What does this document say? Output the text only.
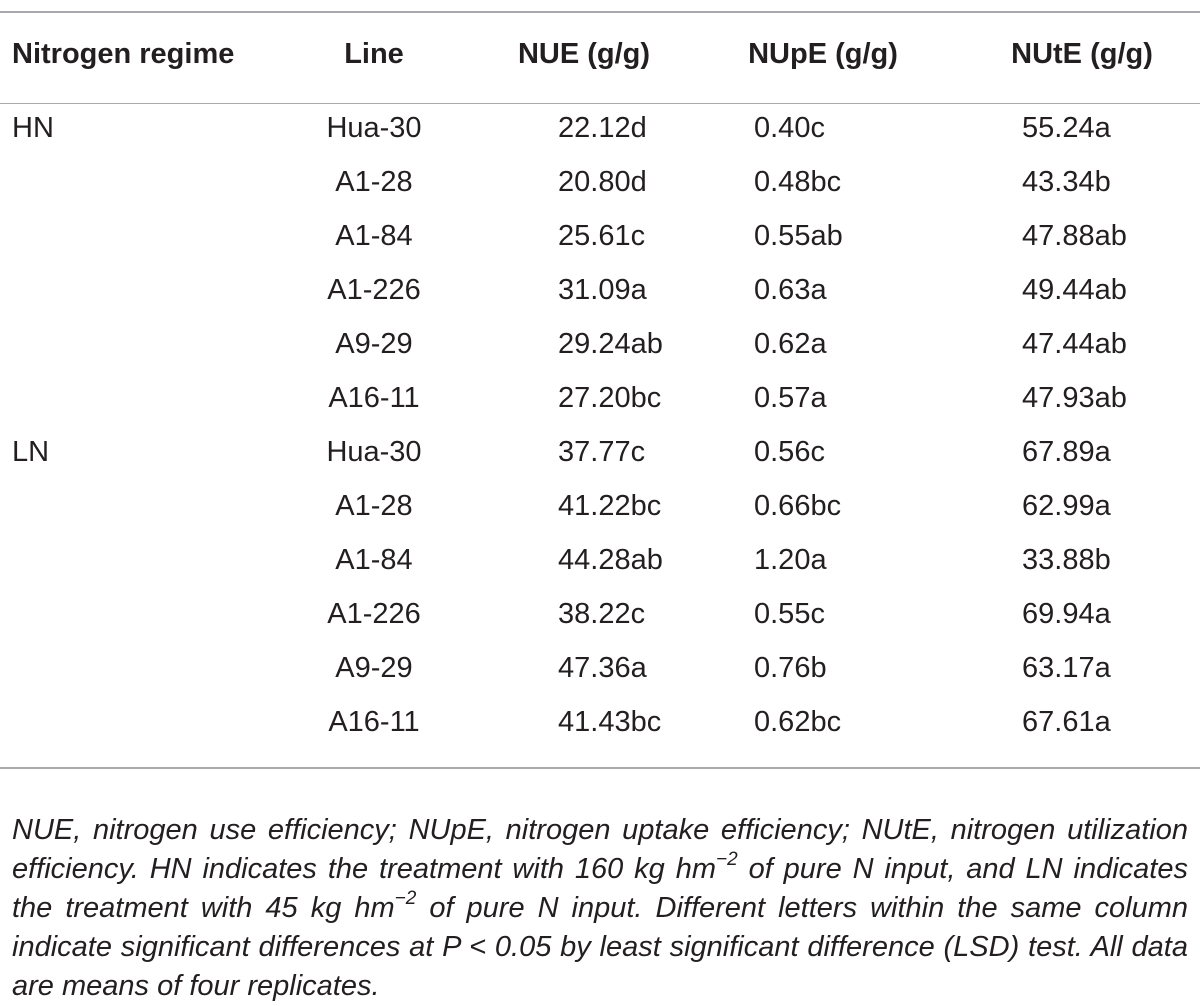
Nitrogen regime	Line	NUE (g/g)	NUpE (g/g)	NUtE (g/g)

HN	Hua-30	22.12d	0.40c	55.24a
	A1-28	20.80d	0.48bc	43.34b
	A1-84	25.61c	0.55ab	47.88ab
	A1-226	31.09a	0.63a	49.44ab
	A9-29	29.24ab	0.62a	47.44ab
	A16-11	27.20bc	0.57a	47.93ab
LN	Hua-30	37.77c	0.56c	67.89a
	A1-28	41.22bc	0.66bc	62.99a
	A1-84	44.28ab	1.20a	33.88b
	A1-226	38.22c	0.55c	69.94a
	A9-29	47.36a	0.76b	63.17a
	A16-11	41.43bc	0.62bc	67.61a

NUE, nitrogen use efficiency; NUpE, nitrogen uptake efficiency; NUtE, nitrogen utilization efficiency. HN indicates the treatment with 160 kg $hm^{-2}$ of pure N input, and LN indicates the treatment with 45 kg $hm^{-2}$ of pure N input. Different letters within the same column indicate significant differences at P < 0.05 by least significant difference (LSD) test. All data are means of four replicates.
